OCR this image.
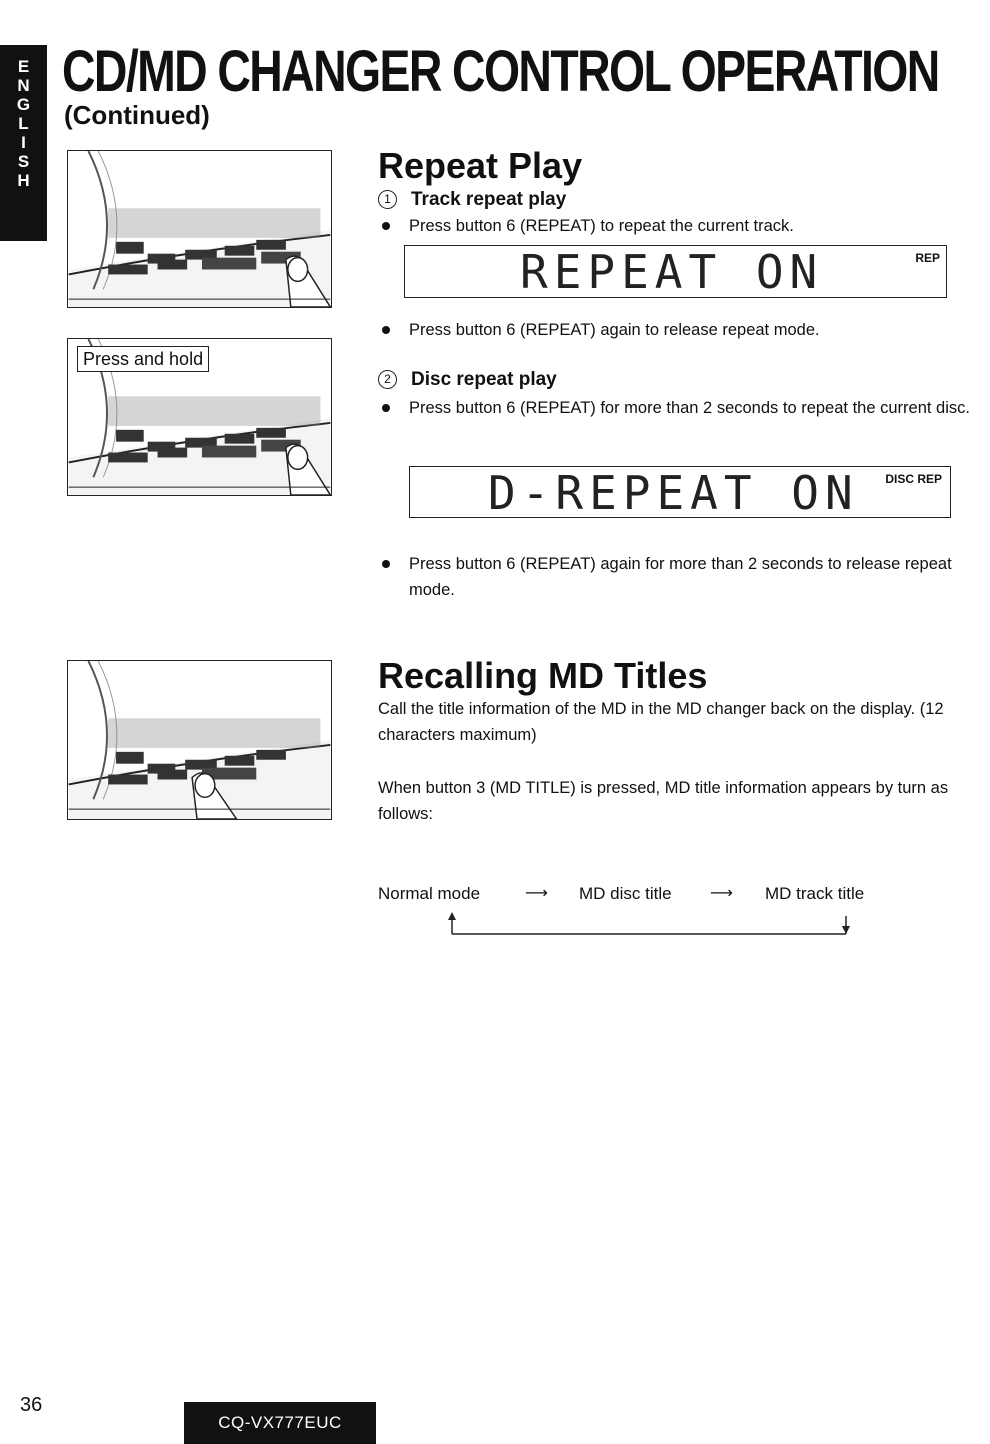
E
N
G
L
I
S
H
CD/MD CHANGER CONTROL OPERATION
(Continued)
Press and hold
Repeat Play
1 Track repeat play
Press button 6 (REPEAT) to repeat the current track.
REPEAT ON	REP
Press button 6 (REPEAT) again to release repeat mode.
2 Disc repeat play
Press button 6 (REPEAT) for more than 2 seconds to repeat the current disc.
D-REPEAT ON DISC REP
Press button 6 (REPEAT) again for more than 2 seconds to release repeat mode.
Recalling MD Titles
Call the title information of the MD in the MD changer back on the display. (12 characters maximum)
When button 3 (MD TITLE) is pressed, MD title information appears by turn as follows:
Normal mode	⟶ MD disc title ⟶ MD track title
36
CQ-VX777EUC
